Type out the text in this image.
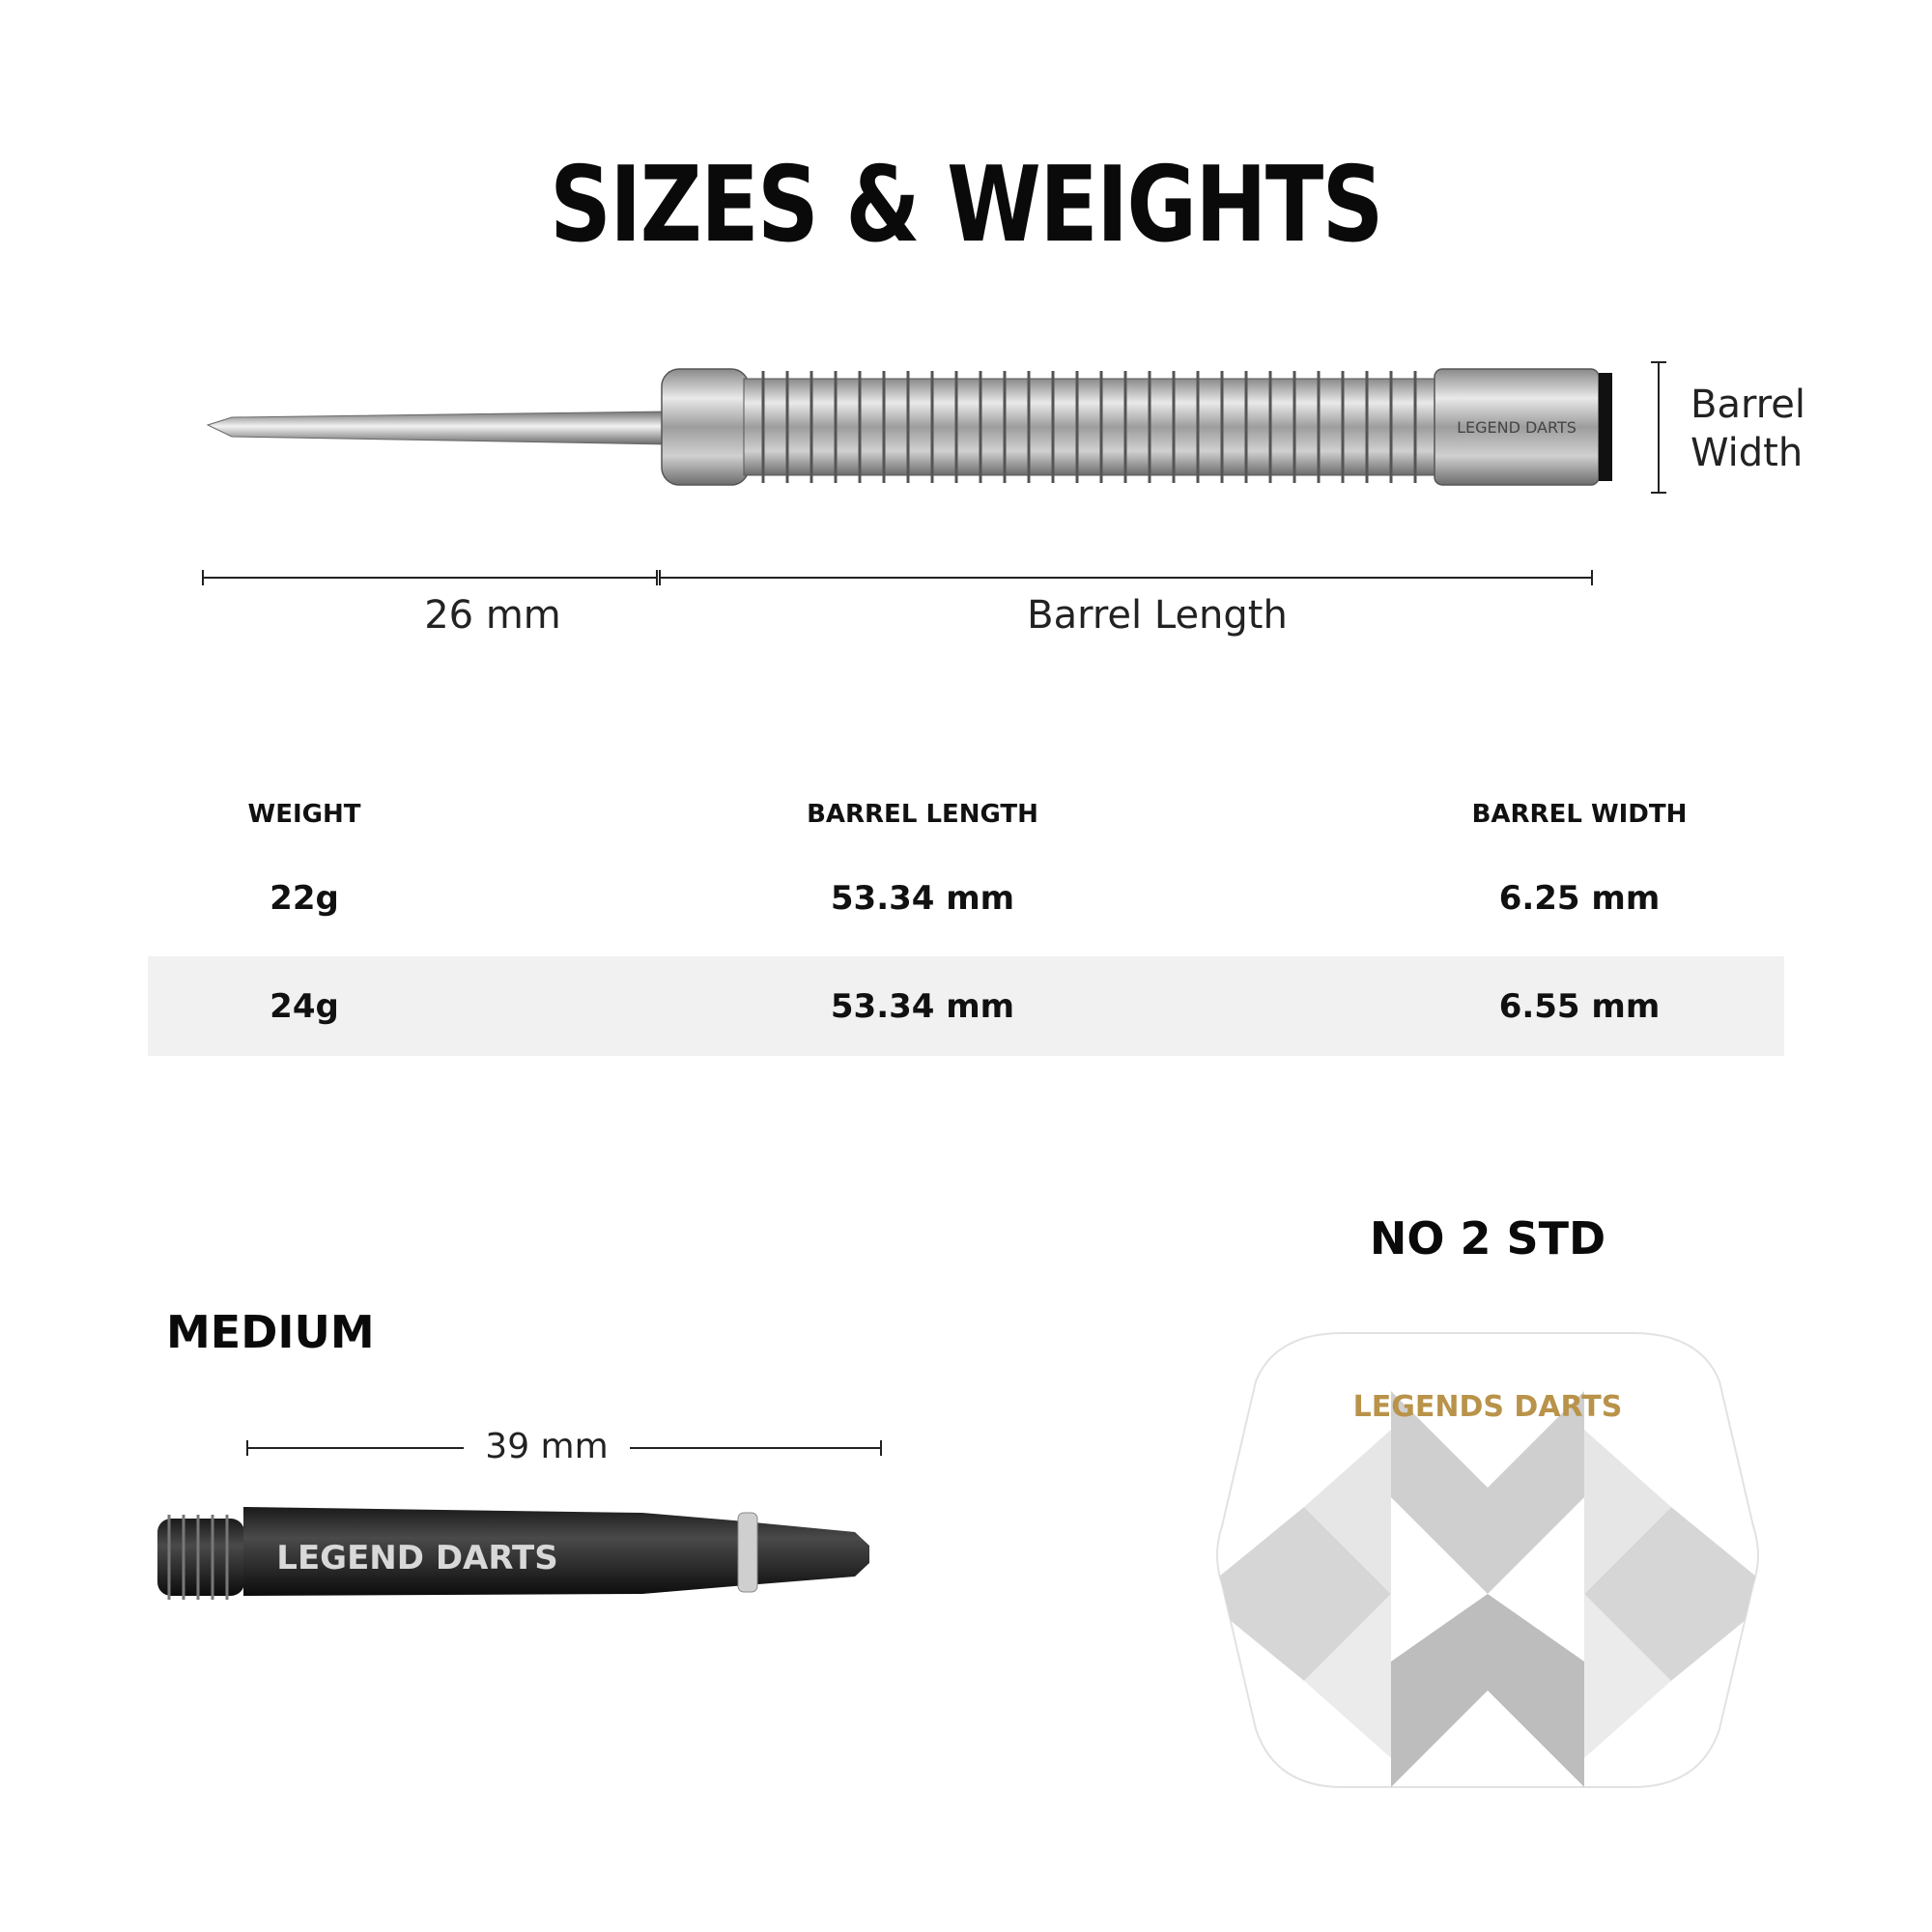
SIZES & WEIGHTS
LEGEND DARTS
Barrel
Width
26 mm	Barrel Length
WEIGHT	BARREL LENGTH	BARREL WIDTH
22g	53.34 mm	6.25 mm
24g	53.34 mm	6.55 mm
MEDIUM
LEGEND DARTS
39 mm
NO 2 STD
LEGENDS DARTS
